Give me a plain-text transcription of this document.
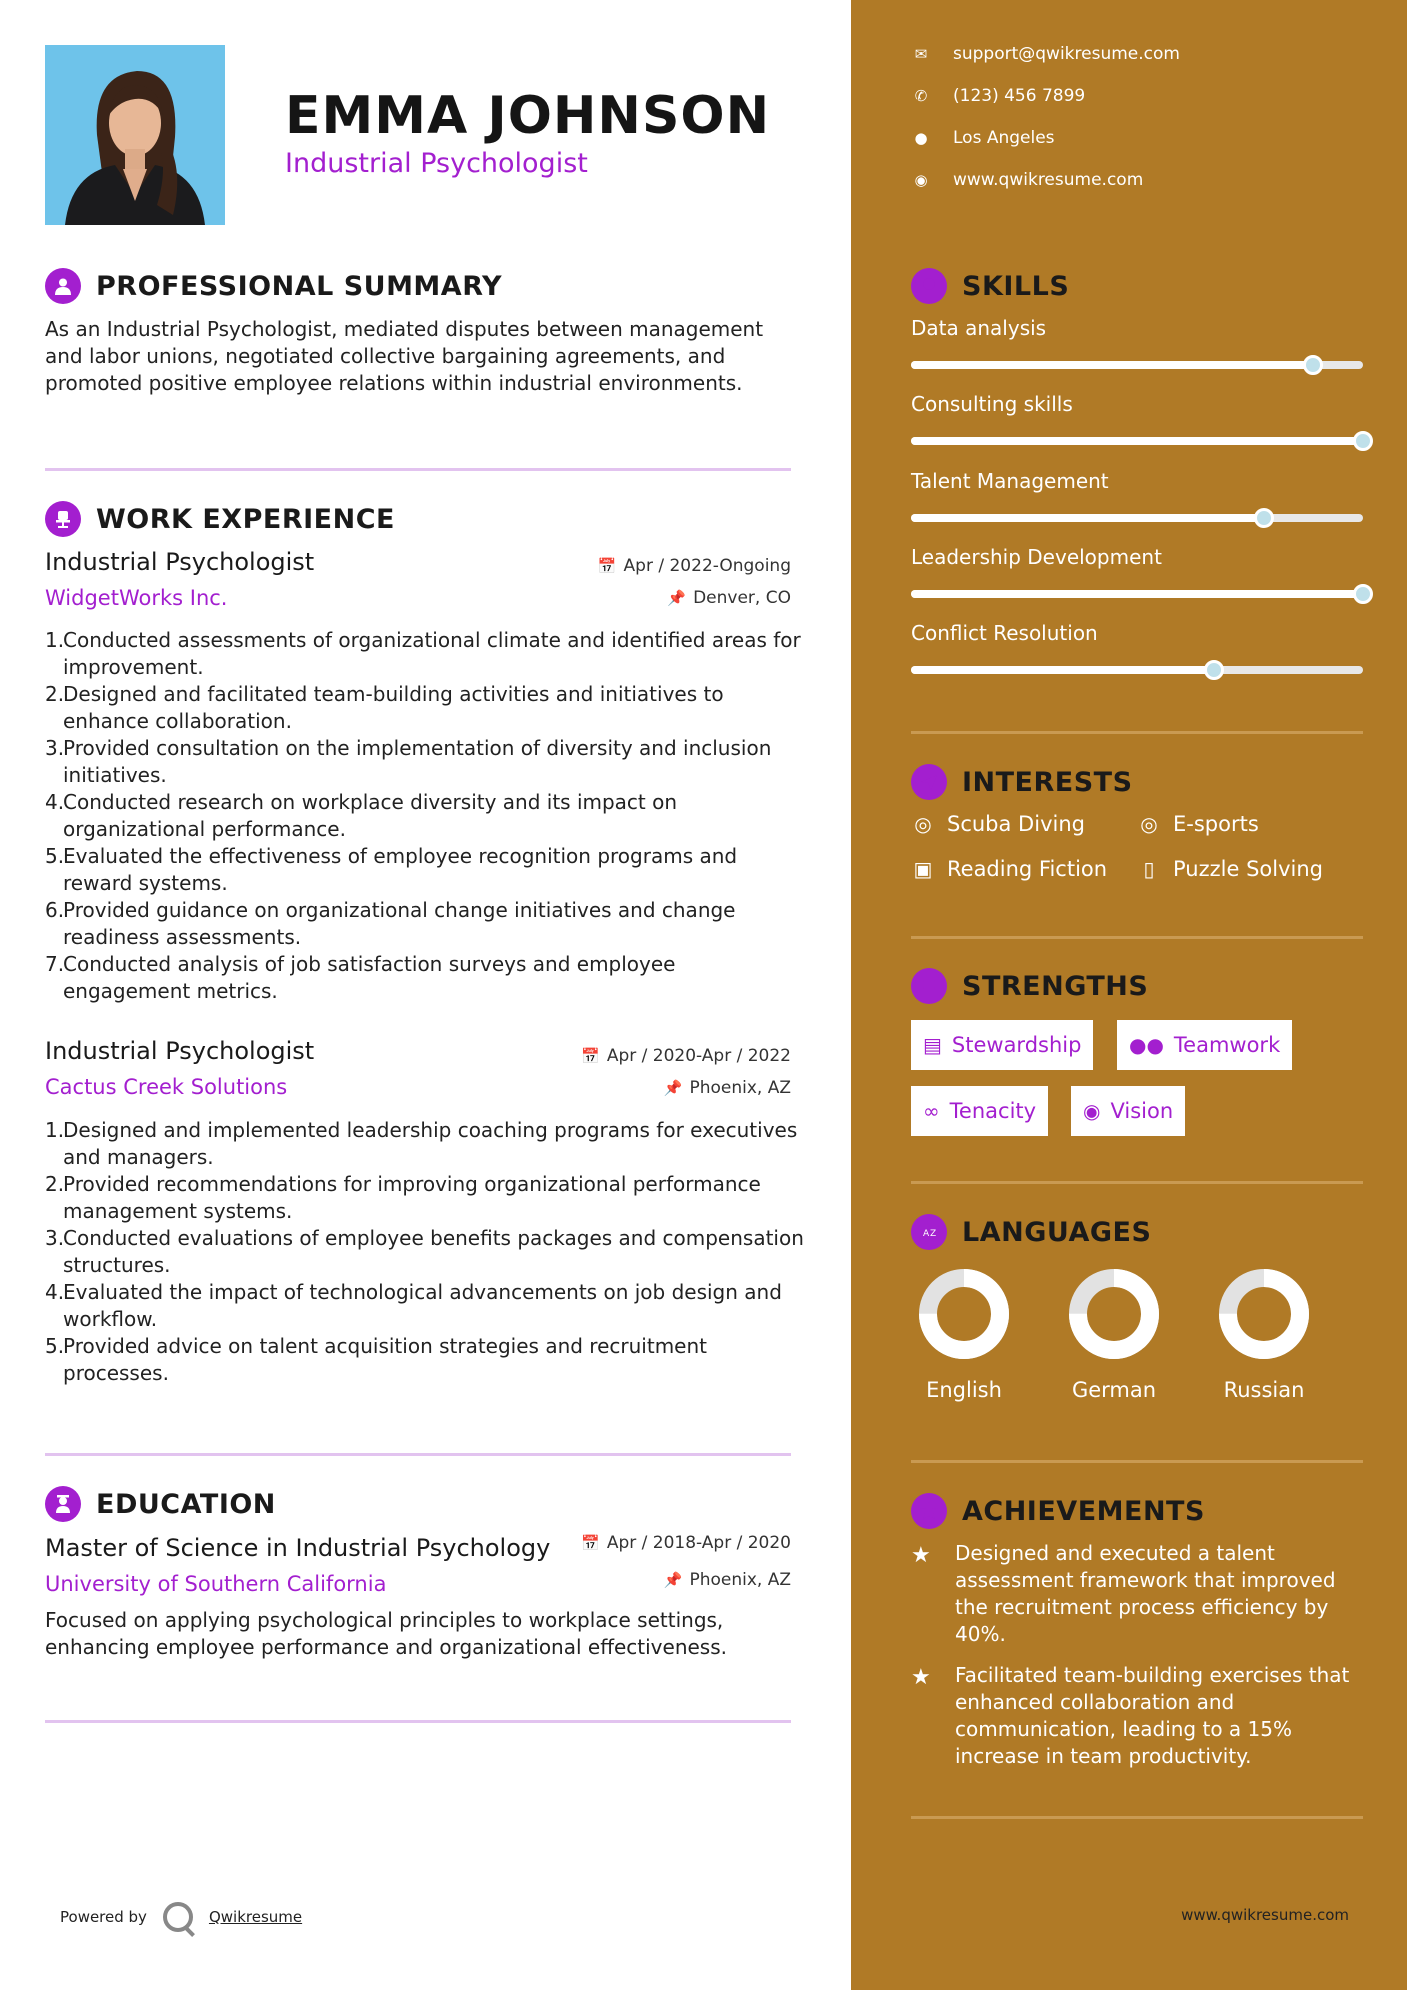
EMMA JOHNSON
Industrial Psychologist
PROFESSIONAL SUMMARY
As an Industrial Psychologist, mediated disputes between management and labor unions, negotiated collective bargaining agreements, and promoted positive employee relations within industrial environments.
WORK EXPERIENCE
Industrial Psychologist
WidgetWorks Inc.
📅 Apr / 2022-Ongoing
📌 Denver, CO
1.
Conducted assessments of organizational climate and identified areas for improvement.
2.
Designed and facilitated team-building activities and initiatives to enhance collaboration.
3.
Provided consultation on the implementation of diversity and inclusion initiatives.
4.
Conducted research on workplace diversity and its impact on organizational performance.
5.
Evaluated the effectiveness of employee recognition programs and reward systems.
6.
Provided guidance on organizational change initiatives and change readiness assessments.
7.
Conducted analysis of job satisfaction surveys and employee engagement metrics.
Industrial Psychologist
Cactus Creek Solutions
📅 Apr / 2020-Apr / 2022
📌 Phoenix, AZ
1.
Designed and implemented leadership coaching programs for executives and managers.
2.
Provided recommendations for improving organizational performance management systems.
3.
Conducted evaluations of employee benefits packages and compensation structures.
4.
Evaluated the impact of technological advancements on job design and workflow.
5.
Provided advice on talent acquisition strategies and recruitment processes.
EDUCATION
Master of Science in Industrial Psychology
University of Southern California
📅 Apr / 2018-Apr / 2020
📌 Phoenix, AZ
Focused on applying psychological principles to workplace settings, enhancing employee performance and organizational effectiveness.
Powered by	Qwikresume	www.qwikresume.com
✉ support@qwikresume.com
✆ (123) 456 7899
● Los Angeles
◉ www.qwikresume.com
SKILLS
Data analysis
Consulting skills
Talent Management
Leadership Development
Conflict Resolution
INTERESTS
◎ Scuba Diving	◎ E-sports
▣ Reading Fiction	▯ Puzzle Solving
STRENGTHS
▤ Stewardship ●● Teamwork
∞ Tenacity ◉ Vision
A Z LANGUAGES
English	German	Russian
ACHIEVEMENTS
★	Designed and executed a talent assessment framework that improved the recruitment process efficiency by 40%.
★	Facilitated team-building exercises that enhanced collaboration and communication, leading to a 15% increase in team productivity.
